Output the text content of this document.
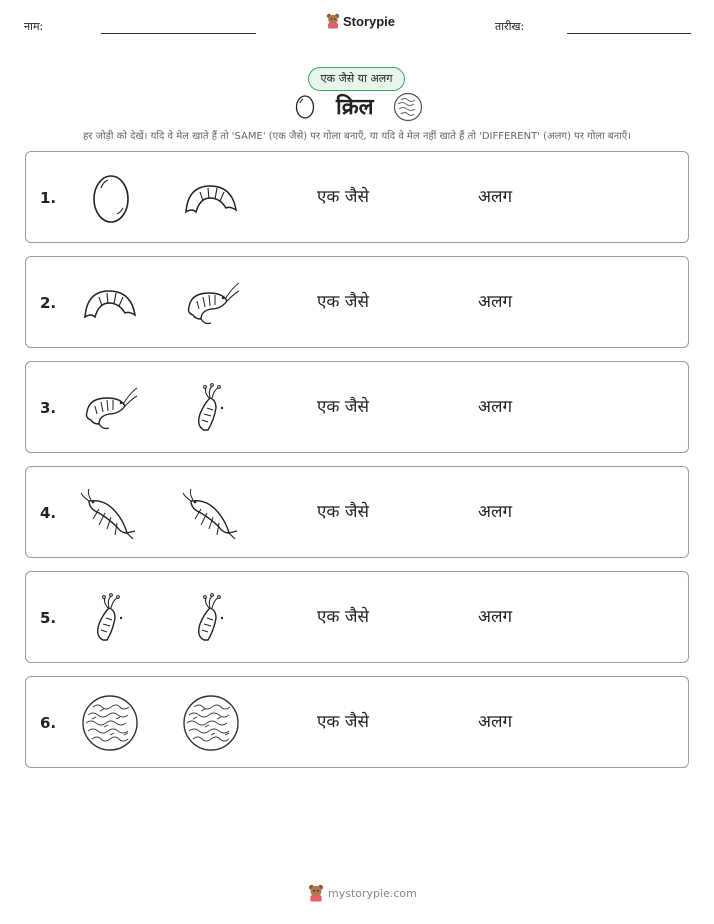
नाम:	Storypie	तारीख:
एक जैसे या अलग
क्रिल
हर जोड़ी को देखें। यदि वे मेल खाते हैं तो 'SAME' (एक जैसे) पर गोला बनाएँ, या यदि वे मेल नहीं खाते हैं तो 'DIFFERENT' (अलग) पर गोला बनाएँ।
1.	एक जैसे	अलग
2.	एक जैसे	अलग
3.	एक जैसे	अलग
4.	एक जैसे	अलग
5.	एक जैसे	अलग
6.	एक जैसे	अलग
mystorypie.com
